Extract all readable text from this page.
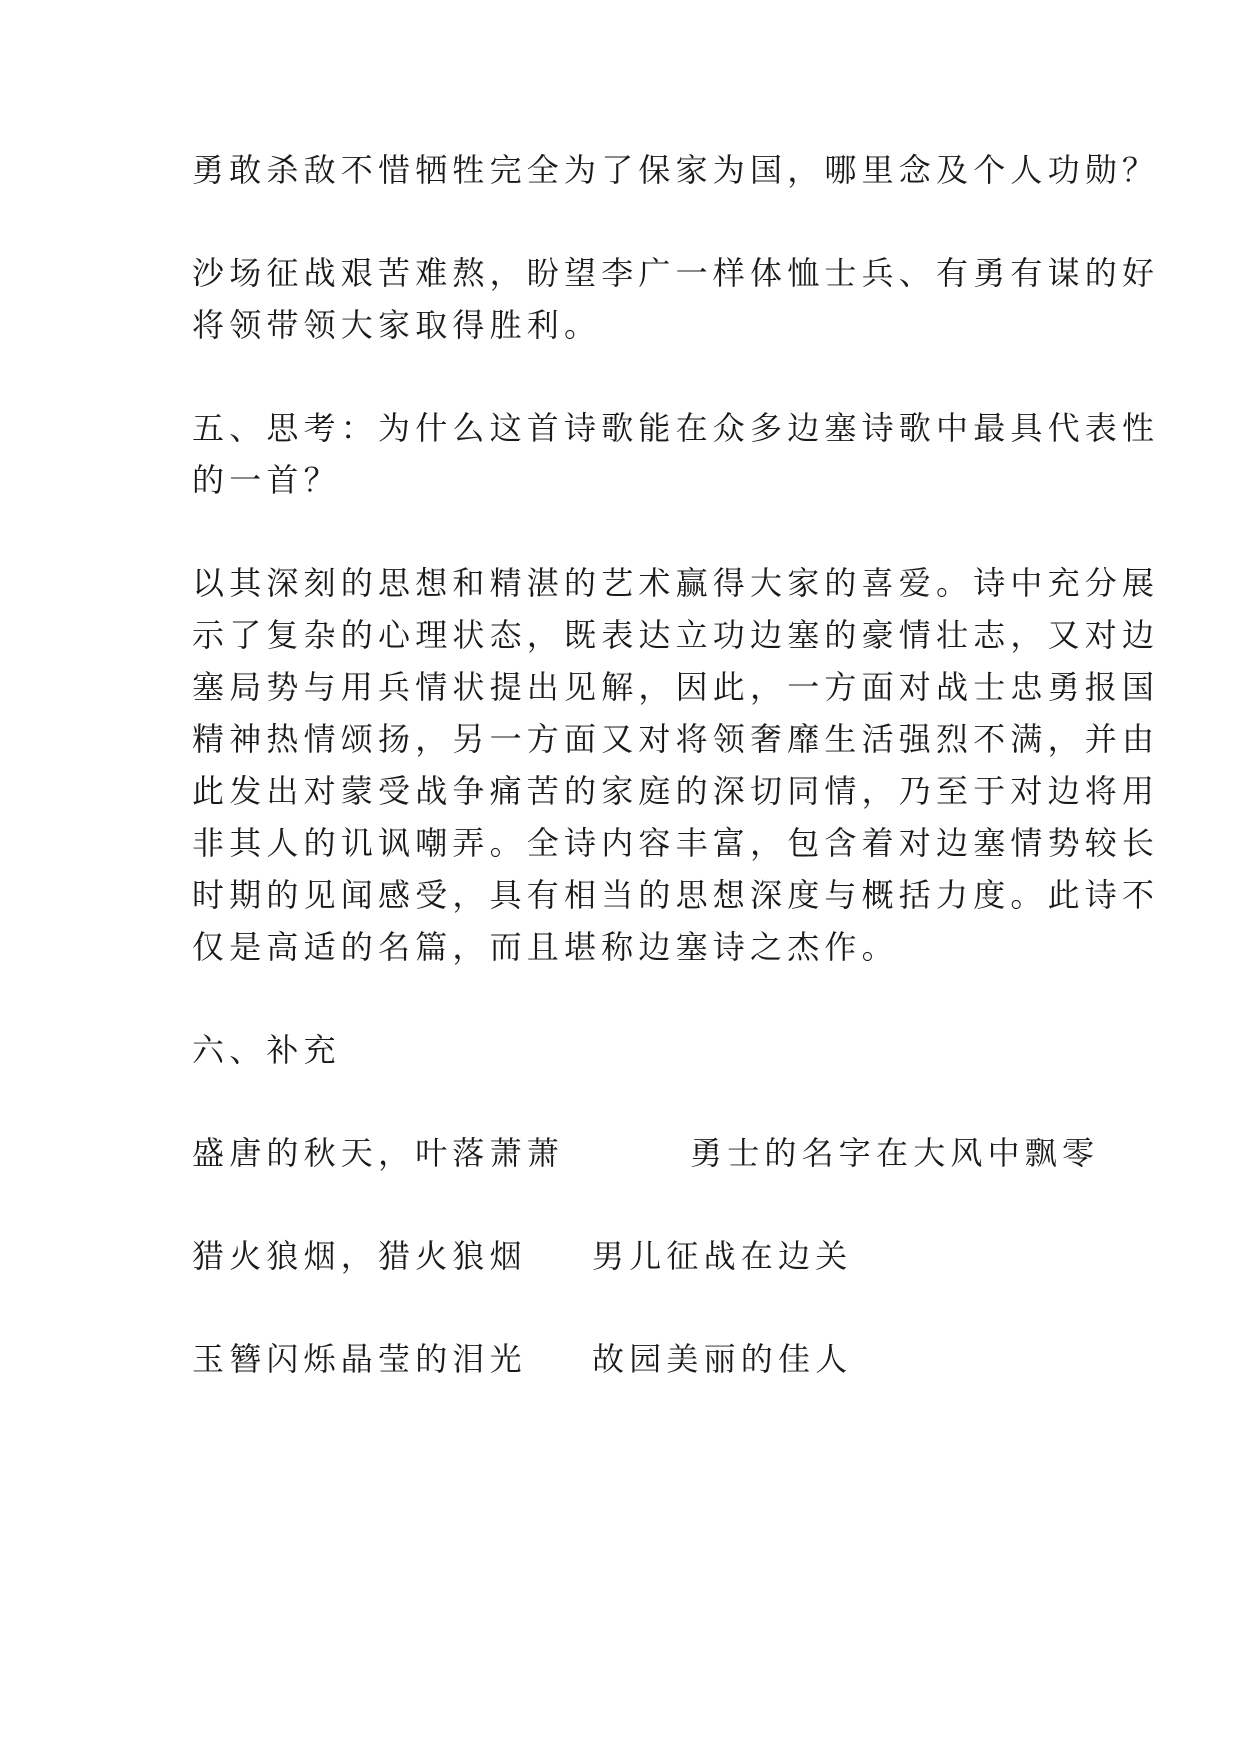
勇敢杀敌不惜牺牲完全为了保家为国，哪里念及个人功勋？
沙场征战艰苦难熬，盼望李广一样体恤士兵、有勇有谋的好
将领带领大家取得胜利。
五、思考：为什么这首诗歌能在众多边塞诗歌中最具代表性
的一首？
以其深刻的思想和精湛的艺术赢得大家的喜爱。诗中充分展
示了复杂的心理状态，既表达立功边塞的豪情壮志，又对边
塞局势与用兵情状提出见解，因此，一方面对战士忠勇报国
精神热情颂扬，另一方面又对将领奢靡生活强烈不满，并由
此发出对蒙受战争痛苦的家庭的深切同情，乃至于对边将用
非其人的讥讽嘲弄。全诗内容丰富，包含着对边塞情势较长
时期的见闻感受，具有相当的思想深度与概括力度。此诗不
仅是高适的名篇，而且堪称边塞诗之杰作。
六、补充
盛唐的秋天，叶落萧萧	勇士的名字在大风中飘零
猎火狼烟，猎火狼烟 男儿征战在边关
玉簪闪烁晶莹的泪光 故园美丽的佳人
